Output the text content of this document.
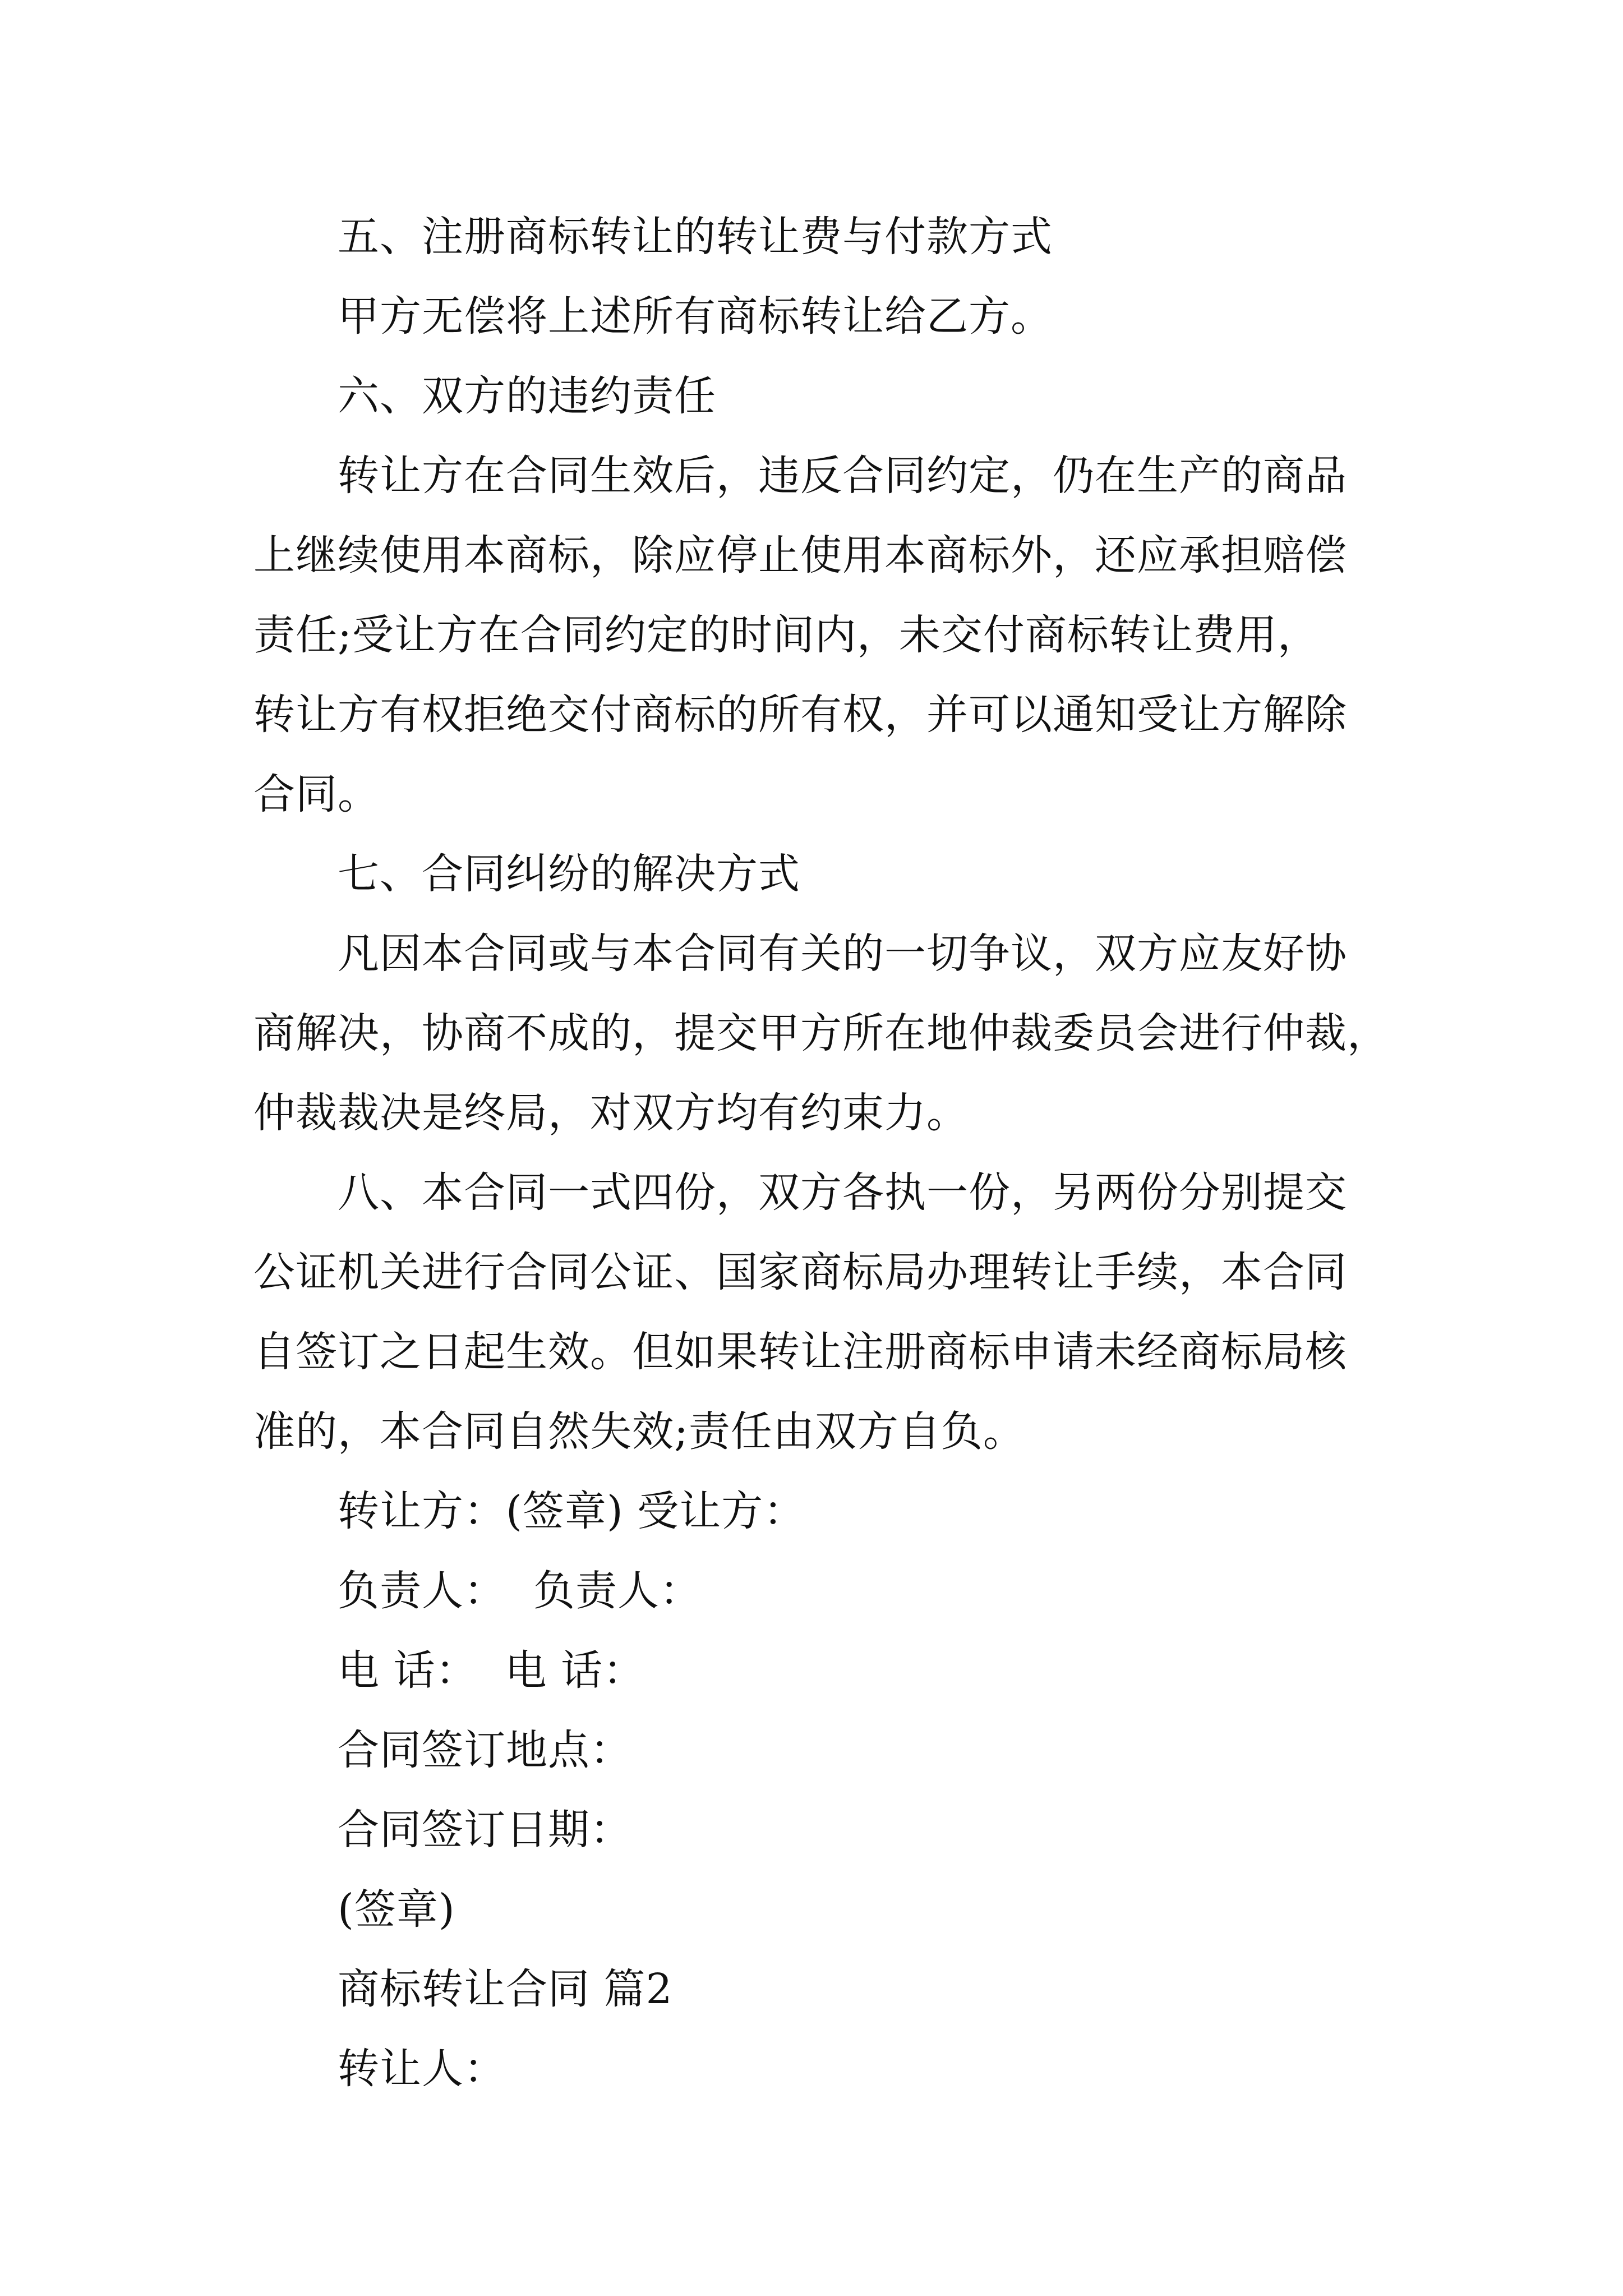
五、注册商标转让的转让费与付款方式

甲方无偿将上述所有商标转让给乙方。

六、双方的违约责任

转让方在合同生效后，违反合同约定，仍在生产的商品

上继续使用本商标，除应停止使用本商标外，还应承担赔偿

责任;受让方在合同约定的时间内，未交付商标转让费用，

转让方有权拒绝交付商标的所有权，并可以通知受让方解除

合同。

七、合同纠纷的解决方式

凡因本合同或与本合同有关的一切争议，双方应友好协

商解决，协商不成的，提交甲方所在地仲裁委员会进行仲裁，

仲裁裁决是终局，对双方均有约束力。

八、本合同一式四份，双方各执一份，另两份分别提交

公证机关进行合同公证、国家商标局办理转让手续，本合同

自签订之日起生效。但如果转让注册商标申请未经商标局核

准的，本合同自然失效;责任由双方自负。

转让方：(签章) 受让方：

负责人：  负责人：

电 话：  电 话：

合同签订地点：

合同签订日期：

(签章)

商标转让合同 篇2

转让人：
